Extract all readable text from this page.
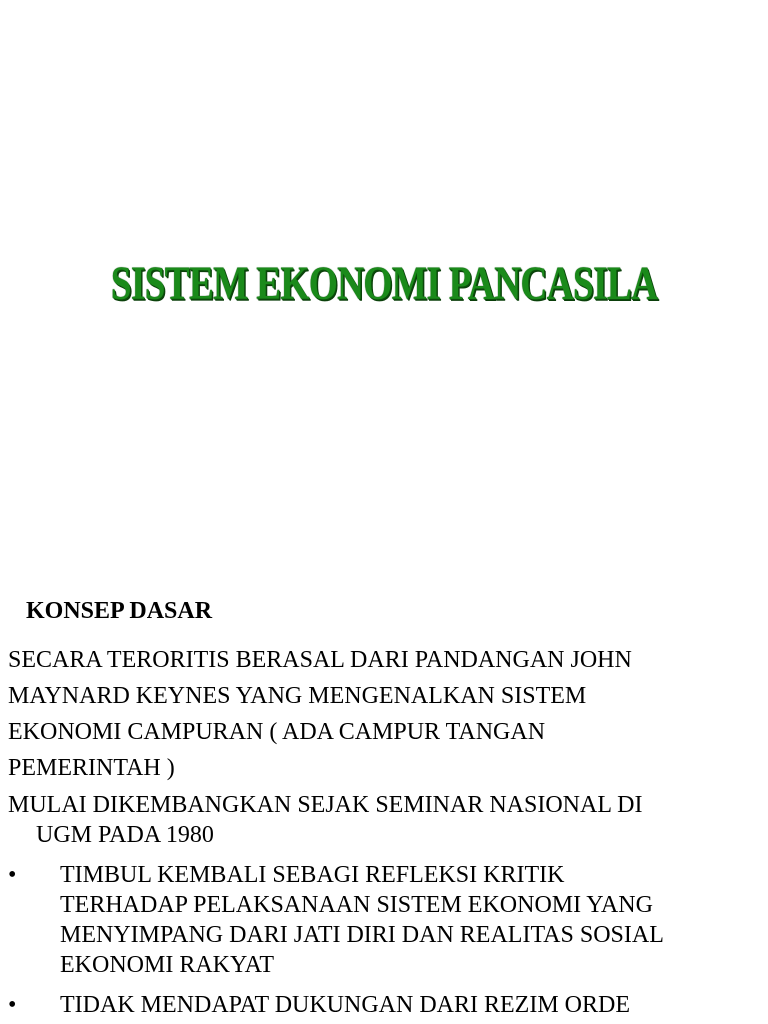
SISTEM EKONOMI PANCASILA
KONSEP DASAR
SECARA TERORITIS BERASAL DARI PANDANGAN JOHN
MAYNARD KEYNES YANG MENGENALKAN SISTEM
EKONOMI CAMPURAN ( ADA CAMPUR TANGAN
PEMERINTAH )
MULAI DIKEMBANGKAN SEJAK SEMINAR NASIONAL DI
UGM PADA 1980
• TIMBUL KEMBALI SEBAGI REFLEKSI KRITIK
TERHADAP PELAKSANAAN SISTEM EKONOMI YANG
MENYIMPANG DARI JATI DIRI DAN REALITAS SOSIAL
EKONOMI RAKYAT
• TIDAK MENDAPAT DUKUNGAN DARI REZIM ORDE
